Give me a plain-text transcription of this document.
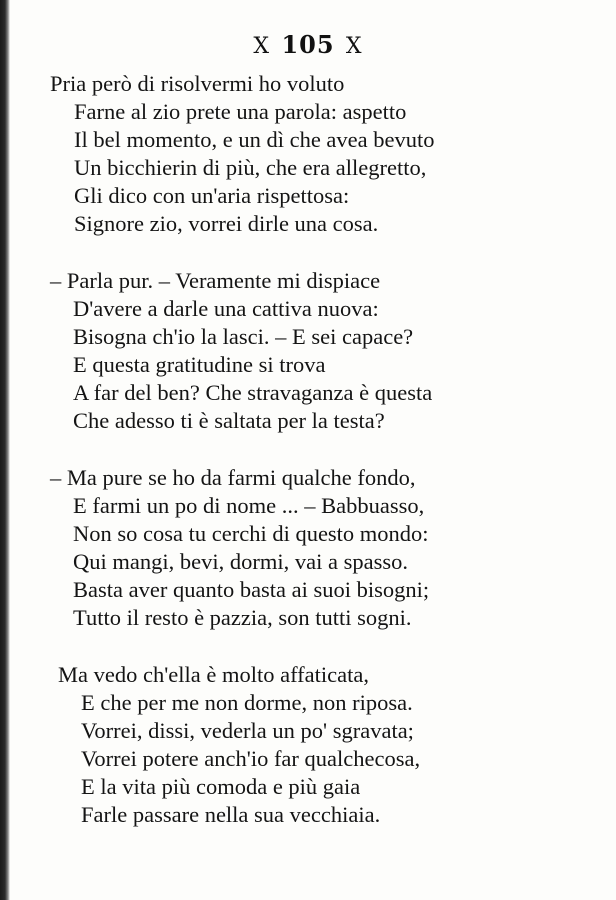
X 105 X
Pria però di risolvermi ho voluto
Farne al zio prete una parola: aspetto
Il bel momento, e un dì che avea bevuto
Un bicchierin di più, che era allegretto,
Gli dico con un'aria rispettosa:
Signore zio, vorrei dirle una cosa.
– Parla pur. – Veramente mi dispiace
D'avere a darle una cattiva nuova:
Bisogna ch'io la lasci. – E sei capace?
E questa gratitudine si trova
A far del ben? Che stravaganza è questa
Che adesso ti è saltata per la testa?
– Ma pure se ho da farmi qualche fondo,
E farmi un po di nome ... – Babbuasso,
Non so cosa tu cerchi di questo mondo:
Qui mangi, bevi, dormi, vai a spasso.
Basta aver quanto basta ai suoi bisogni;
Tutto il resto è pazzia, son tutti sogni.
Ma vedo ch'ella è molto affaticata,
E che per me non dorme, non riposa.
Vorrei, dissi, vederla un po' sgravata;
Vorrei potere anch'io far qualchecosa,
E la vita più comoda e più gaia
Farle passare nella sua vecchiaia.
